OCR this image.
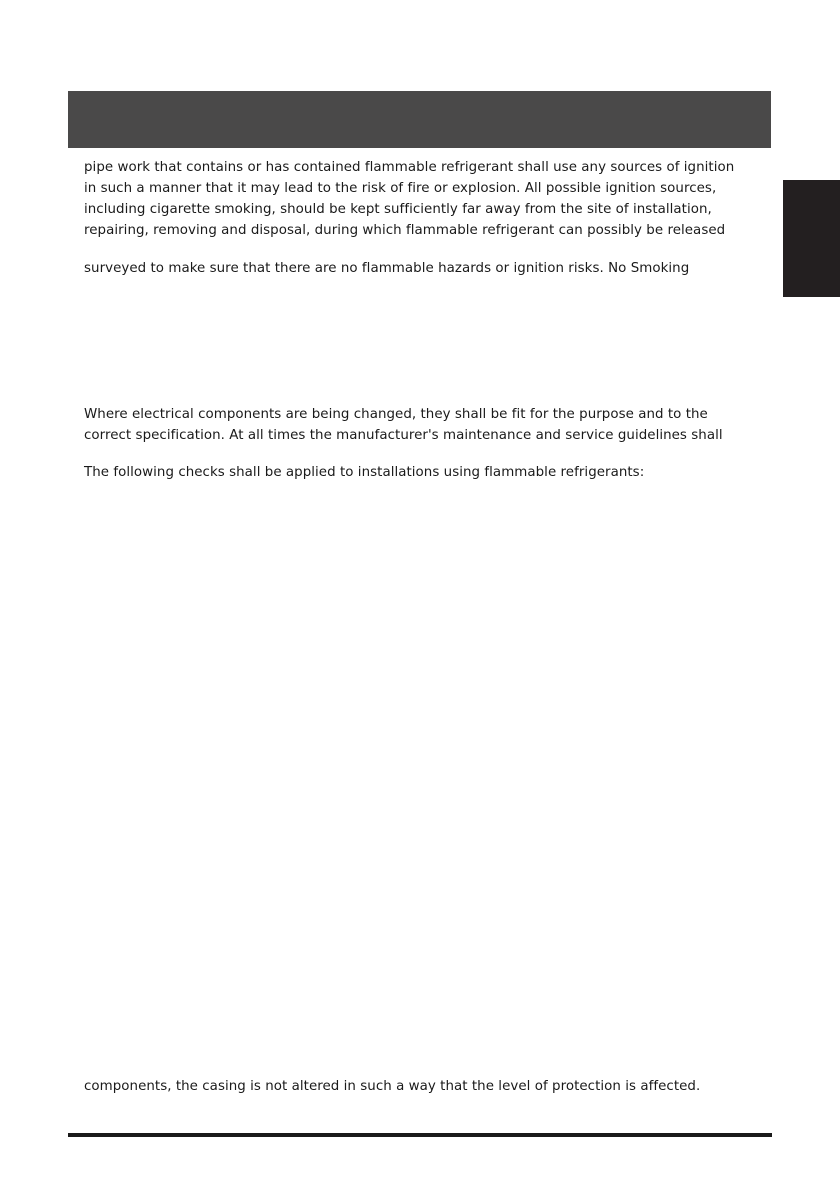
pipe work that contains or has contained flammable refrigerant shall use any sources of ignition

in such a manner that it may lead to the risk of fire or explosion. All possible ignition sources,

including cigarette smoking, should be kept sufficiently far away from the site of installation,

repairing, removing and disposal, during which flammable refrigerant can possibly be released

surveyed to make sure that there are no flammable hazards or ignition risks. No Smoking

Where electrical components are being changed, they shall be fit for the purpose and to the

correct specification. At all times the manufacturer's maintenance and service guidelines shall

The following checks shall be applied to installations using flammable refrigerants:

components, the casing is not altered in such a way that the level of protection is affected.
